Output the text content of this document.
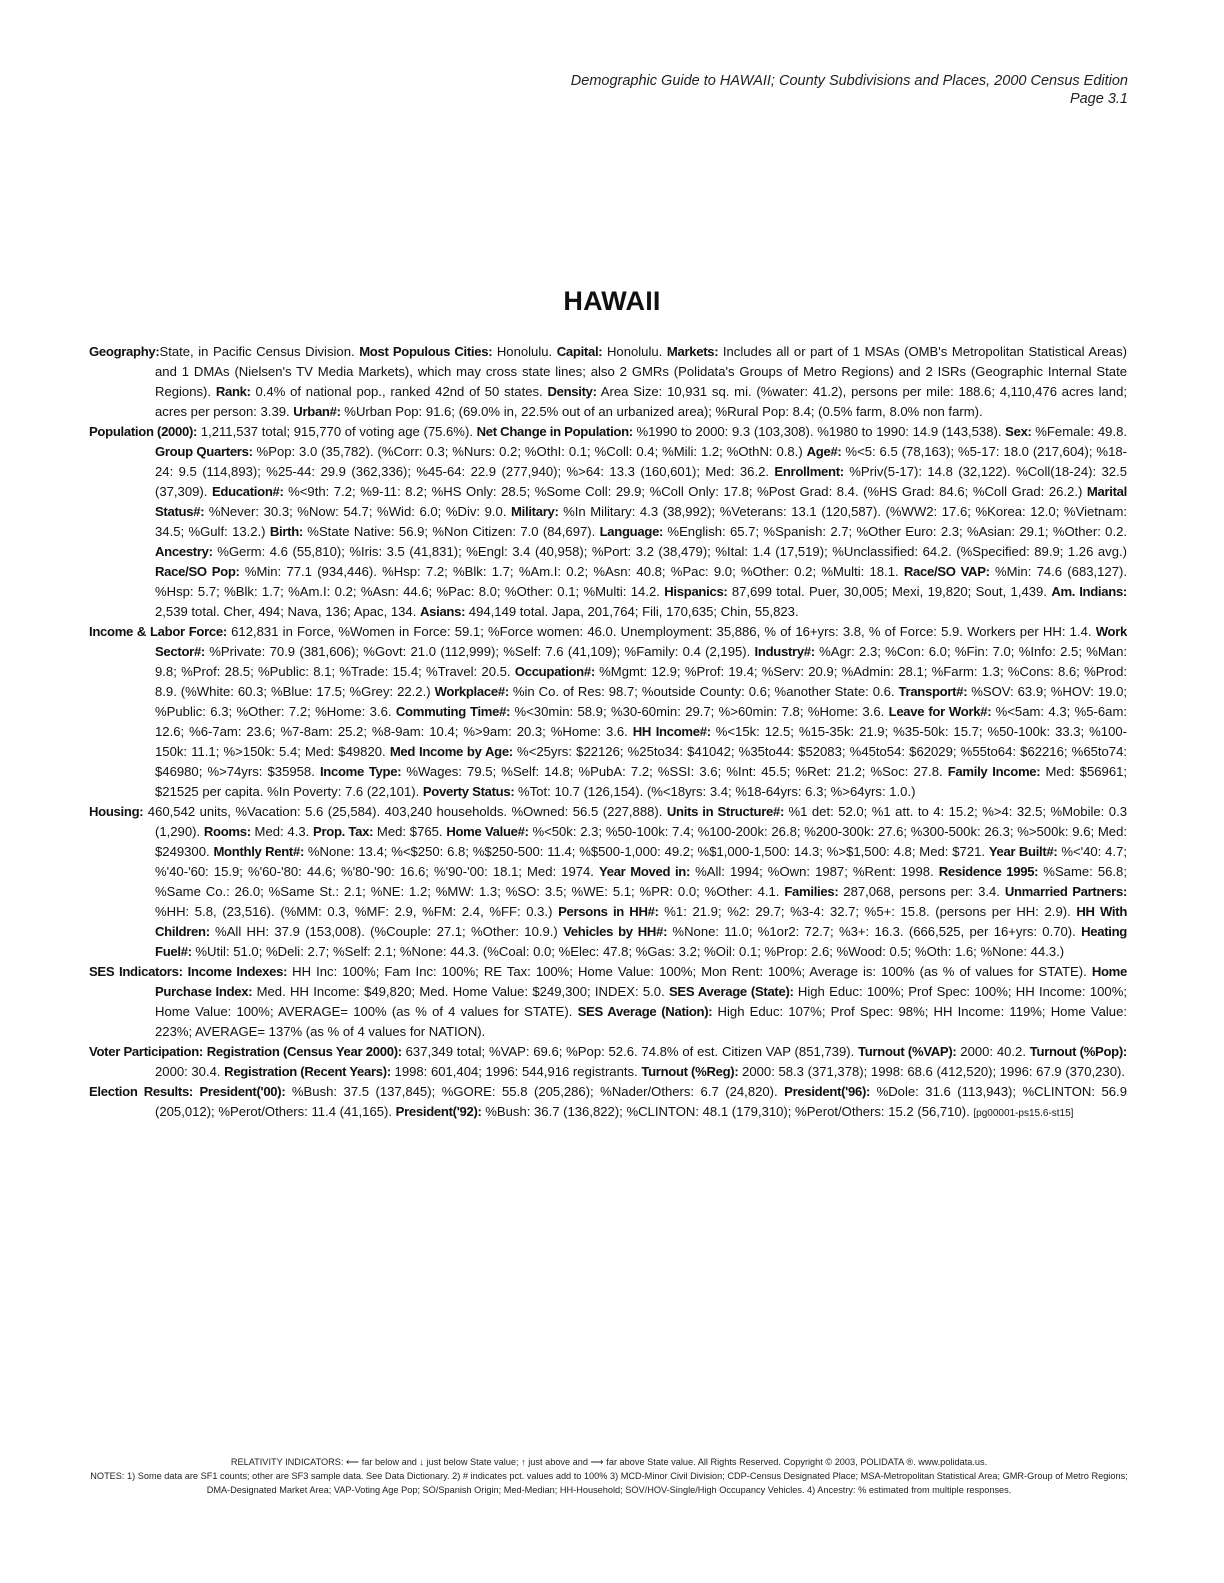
Demographic Guide to HAWAII; County Subdivisions and Places, 2000 Census Edition
Page 3.1
HAWAII

Geography:State, in Pacific Census Division. Most Populous Cities: Honolulu. Capital: Honolulu. Markets: Includes all or part of 1 MSAs (OMB's Metropolitan Statistical Areas) and 1 DMAs (Nielsen's TV Media Markets), which may cross state lines; also 2 GMRs (Polidata's Groups of Metro Regions) and 2 ISRs (Geographic Internal State Regions). Rank: 0.4% of national pop., ranked 42nd of 50 states. Density: Area Size: 10,931 sq. mi. (%water: 41.2), persons per mile: 188.6; 4,110,476 acres land; acres per person: 3.39. Urban#: %Urban Pop: 91.6; (69.0% in, 22.5% out of an urbanized area); %Rural Pop: 8.4; (0.5% farm, 8.0% non farm).

Population (2000): 1,211,537 total; 915,770 of voting age (75.6%). Net Change in Population: %1990 to 2000: 9.3 (103,308). %1980 to 1990: 14.9 (143,538). Sex: %Female: 49.8. Group Quarters: %Pop: 3.0 (35,782). (%Corr: 0.3; %Nurs: 0.2; %OthI: 0.1; %Coll: 0.4; %Mili: 1.2; %OthN: 0.8.) Age#: %<5: 6.5 (78,163); %5-17: 18.0 (217,604); %18-24: 9.5 (114,893); %25-44: 29.9 (362,336); %45-64: 22.9 (277,940); %>64: 13.3 (160,601); Med: 36.2. Enrollment: %Priv(5-17): 14.8 (32,122). %Coll(18-24): 32.5 (37,309). Education#: %<9th: 7.2; %9-11: 8.2; %HS Only: 28.5; %Some Coll: 29.9; %Coll Only: 17.8; %Post Grad: 8.4. (%HS Grad: 84.6; %Coll Grad: 26.2.) Marital Status#: %Never: 30.3; %Now: 54.7; %Wid: 6.0; %Div: 9.0. Military: %In Military: 4.3 (38,992); %Veterans: 13.1 (120,587). (%WW2: 17.6; %Korea: 12.0; %Vietnam: 34.5; %Gulf: 13.2.) Birth: %State Native: 56.9; %Non Citizen: 7.0 (84,697). Language: %English: 65.7; %Spanish: 2.7; %Other Euro: 2.3; %Asian: 29.1; %Other: 0.2. Ancestry: %Germ: 4.6 (55,810); %Iris: 3.5 (41,831); %Engl: 3.4 (40,958); %Port: 3.2 (38,479); %Ital: 1.4 (17,519); %Unclassified: 64.2. (%Specified: 89.9; 1.26 avg.) Race/SO Pop: %Min: 77.1 (934,446). %Hsp: 7.2; %Blk: 1.7; %Am.I: 0.2; %Asn: 40.8; %Pac: 9.0; %Other: 0.2; %Multi: 18.1. Race/SO VAP: %Min: 74.6 (683,127). %Hsp: 5.7; %Blk: 1.7; %Am.I: 0.2; %Asn: 44.6; %Pac: 8.0; %Other: 0.1; %Multi: 14.2. Hispanics: 87,699 total. Puer, 30,005; Mexi, 19,820; Sout, 1,439. Am. Indians: 2,539 total. Cher, 494; Nava, 136; Apac, 134. Asians: 494,149 total. Japa, 201,764; Fili, 170,635; Chin, 55,823.

Income & Labor Force: 612,831 in Force, %Women in Force: 59.1; %Force women: 46.0. Unemployment: 35,886, % of 16+yrs: 3.8, % of Force: 5.9. Workers per HH: 1.4. Work Sector#: %Private: 70.9 (381,606); %Govt: 21.0 (112,999); %Self: 7.6 (41,109); %Family: 0.4 (2,195). Industry#: %Agr: 2.3; %Con: 6.0; %Fin: 7.0; %Info: 2.5; %Man: 9.8; %Prof: 28.5; %Public: 8.1; %Trade: 15.4; %Travel: 20.5. Occupation#: %Mgmt: 12.9; %Prof: 19.4; %Serv: 20.9; %Admin: 28.1; %Farm: 1.3; %Cons: 8.6; %Prod: 8.9. (%White: 60.3; %Blue: 17.5; %Grey: 22.2.) Workplace#: %in Co. of Res: 98.7; %outside County: 0.6; %another State: 0.6. Transport#: %SOV: 63.9; %HOV: 19.0; %Public: 6.3; %Other: 7.2; %Home: 3.6. Commuting Time#: %<30min: 58.9; %30-60min: 29.7; %>60min: 7.8; %Home: 3.6. Leave for Work#: %<5am: 4.3; %5-6am: 12.6; %6-7am: 23.6; %7-8am: 25.2; %8-9am: 10.4; %>9am: 20.3; %Home: 3.6. HH Income#: %<15k: 12.5; %15-35k: 21.9; %35-50k: 15.7; %50-100k: 33.3; %100-150k: 11.1; %>150k: 5.4; Med: $49820. Med Income by Age: %<25yrs: $22126; %25to34: $41042; %35to44: $52083; %45to54: $62029; %55to64: $62216; %65to74: $46980; %>74yrs: $35958. Income Type: %Wages: 79.5; %Self: 14.8; %PubA: 7.2; %SSI: 3.6; %Int: 45.5; %Ret: 21.2; %Soc: 27.8. Family Income: Med: $56961; $21525 per capita. %In Poverty: 7.6 (22,101). Poverty Status: %Tot: 10.7 (126,154). (%<18yrs: 3.4; %18-64yrs: 6.3; %>64yrs: 1.0.)

Housing: 460,542 units, %Vacation: 5.6 (25,584). 403,240 households. %Owned: 56.5 (227,888). Units in Structure#: %1 det: 52.0; %1 att. to 4: 15.2; %>4: 32.5; %Mobile: 0.3 (1,290). Rooms: Med: 4.3. Prop. Tax: Med: $765. Home Value#: %<50k: 2.3; %50-100k: 7.4; %100-200k: 26.8; %200-300k: 27.6; %300-500k: 26.3; %>500k: 9.6; Med: $249300. Monthly Rent#: %None: 13.4; %<$250: 6.8; %$250-500: 11.4; %$500-1,000: 49.2; %$1,000-1,500: 14.3; %>$1,500: 4.8; Med: $721. Year Built#: %<'40: 4.7; %'40-'60: 15.9; %'60-'80: 44.6; %'80-'90: 16.6; %'90-'00: 18.1; Med: 1974. Year Moved in: %All: 1994; %Own: 1987; %Rent: 1998. Residence 1995: %Same: 56.8; %Same Co.: 26.0; %Same St.: 2.1; %NE: 1.2; %MW: 1.3; %SO: 3.5; %WE: 5.1; %PR: 0.0; %Other: 4.1. Families: 287,068, persons per: 3.4. Unmarried Partners: %HH: 5.8, (23,516). (%MM: 0.3, %MF: 2.9, %FM: 2.4, %FF: 0.3.) Persons in HH#: %1: 21.9; %2: 29.7; %3-4: 32.7; %5+: 15.8. (persons per HH: 2.9). HH With Children: %All HH: 37.9 (153,008). (%Couple: 27.1; %Other: 10.9.) Vehicles by HH#: %None: 11.0; %1or2: 72.7; %3+: 16.3. (666,525, per 16+yrs: 0.70). Heating Fuel#: %Util: 51.0; %Deli: 2.7; %Self: 2.1; %None: 44.3. (%Coal: 0.0; %Elec: 47.8; %Gas: 3.2; %Oil: 0.1; %Prop: 2.6; %Wood: 0.5; %Oth: 1.6; %None: 44.3.)

SES Indicators: Income Indexes: HH Inc: 100%; Fam Inc: 100%; RE Tax: 100%; Home Value: 100%; Mon Rent: 100%; Average is: 100% (as % of values for STATE). Home Purchase Index: Med. HH Income: $49,820; Med. Home Value: $249,300; INDEX: 5.0. SES Average (State): High Educ: 100%; Prof Spec: 100%; HH Income: 100%; Home Value: 100%; AVERAGE= 100% (as % of 4 values for STATE). SES Average (Nation): High Educ: 107%; Prof Spec: 98%; HH Income: 119%; Home Value: 223%; AVERAGE= 137% (as % of 4 values for NATION).

Voter Participation: Registration (Census Year 2000): 637,349 total; %VAP: 69.6; %Pop: 52.6. 74.8% of est. Citizen VAP (851,739). Turnout (%VAP): 2000: 40.2. Turnout (%Pop): 2000: 30.4. Registration (Recent Years): 1998: 601,404; 1996: 544,916 registrants. Turnout (%Reg): 2000: 58.3 (371,378); 1998: 68.6 (412,520); 1996: 67.9 (370,230).

Election Results: President('00): %Bush: 37.5 (137,845); %GORE: 55.8 (205,286); %Nader/Others: 6.7 (24,820). President('96): %Dole: 31.6 (113,943); %CLINTON: 56.9 (205,012); %Perot/Others: 11.4 (41,165). President('92): %Bush: 36.7 (136,822); %CLINTON: 48.1 (179,310); %Perot/Others: 15.2 (56,710). [pg00001-ps15.6-st15]

RELATIVITY INDICATORS: ⟵ far below and ↓ just below State value; ↑ just above and ⟶ far above State value. All Rights Reserved. Copyright © 2003, POLIDATA ®. www.polidata.us.

NOTES: 1) Some data are SF1 counts; other are SF3 sample data. See Data Dictionary. 2) # indicates pct. values add to 100% 3) MCD-Minor Civil Division; CDP-Census Designated Place; MSA-Metropolitan Statistical Area; GMR-Group of Metro Regions; DMA-Designated Market Area; VAP-Voting Age Pop; SO/Spanish Origin; Med-Median; HH-Household; SOV/HOV-Single/High Occupancy Vehicles. 4) Ancestry: % estimated from multiple responses.
